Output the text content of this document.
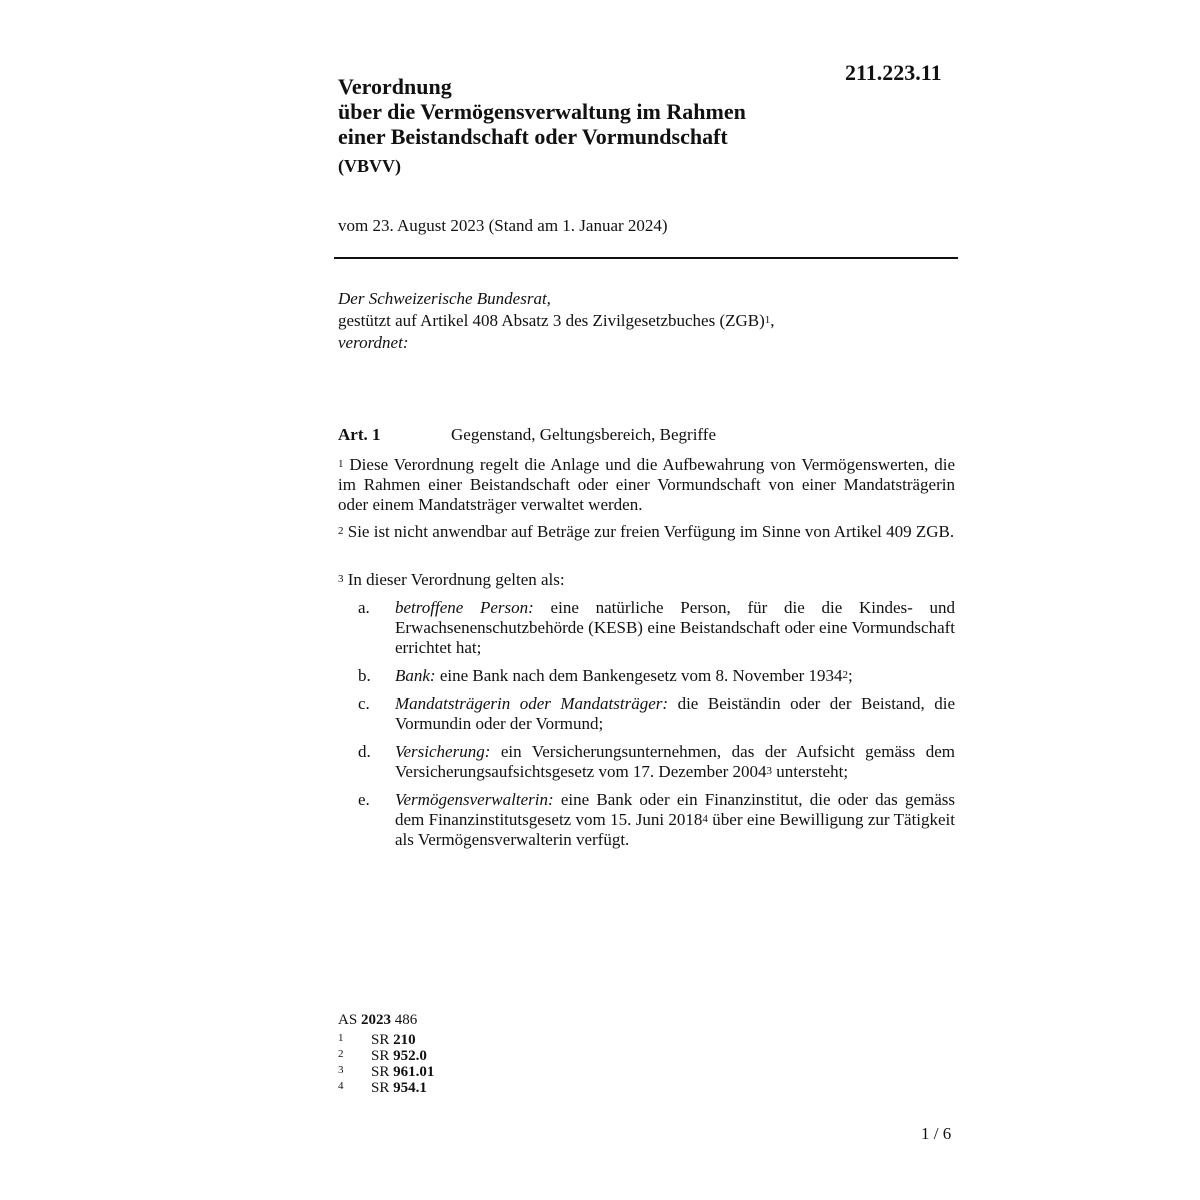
211.223.11

Verordnung

über die Vermögensverwaltung im Rahmen

einer Beistandschaft oder Vormundschaft

(VBVV)
vom 23. August 2023 (Stand am 1. Januar 2024)
Der Schweizerische Bundesrat,
gestützt auf Artikel 408 Absatz 3 des Zivilgesetzbuches (ZGB)$^1$,
verordnet:
Art. 1	Gegenstand, Geltungsbereich, Begriffe
$^1$ Diese Verordnung regelt die Anlage und die Aufbewahrung von Vermögenswerten, die im Rahmen einer Beistandschaft oder einer Vormundschaft von einer Mandatsträgerin oder einem Mandatsträger verwaltet werden.
$^2$ Sie ist nicht anwendbar auf Beträge zur freien Verfügung im Sinne von Artikel 409 ZGB.
$^3$ In dieser Verordnung gelten als:
a. betroffene Person: eine natürliche Person, für die die Kindes- und Erwachsenenschutzbehörde (KESB) eine Beistandschaft oder eine Vormundschaft errichtet hat;
b. Bank: eine Bank nach dem Bankengesetz vom 8. November 1934$^2$;
c. Mandatsträgerin oder Mandatsträger: die Beiständin oder der Beistand, die Vormundin oder der Vormund;
d. Versicherung: ein Versicherungsunternehmen, das der Aufsicht gemäss dem Versicherungsaufsichtsgesetz vom 17. Dezember 2004$^3$ untersteht;
e. Vermögensverwalterin: eine Bank oder ein Finanzinstitut, die oder das gemäss dem Finanzinstitutsgesetz vom 15. Juni 2018$^4$ über eine Bewilligung zur Tätigkeit als Vermögensverwalterin verfügt.
AS 2023 486
1 SR 210
2 SR 952.0
3 SR 961.01
4 SR 954.1
1 / 6
